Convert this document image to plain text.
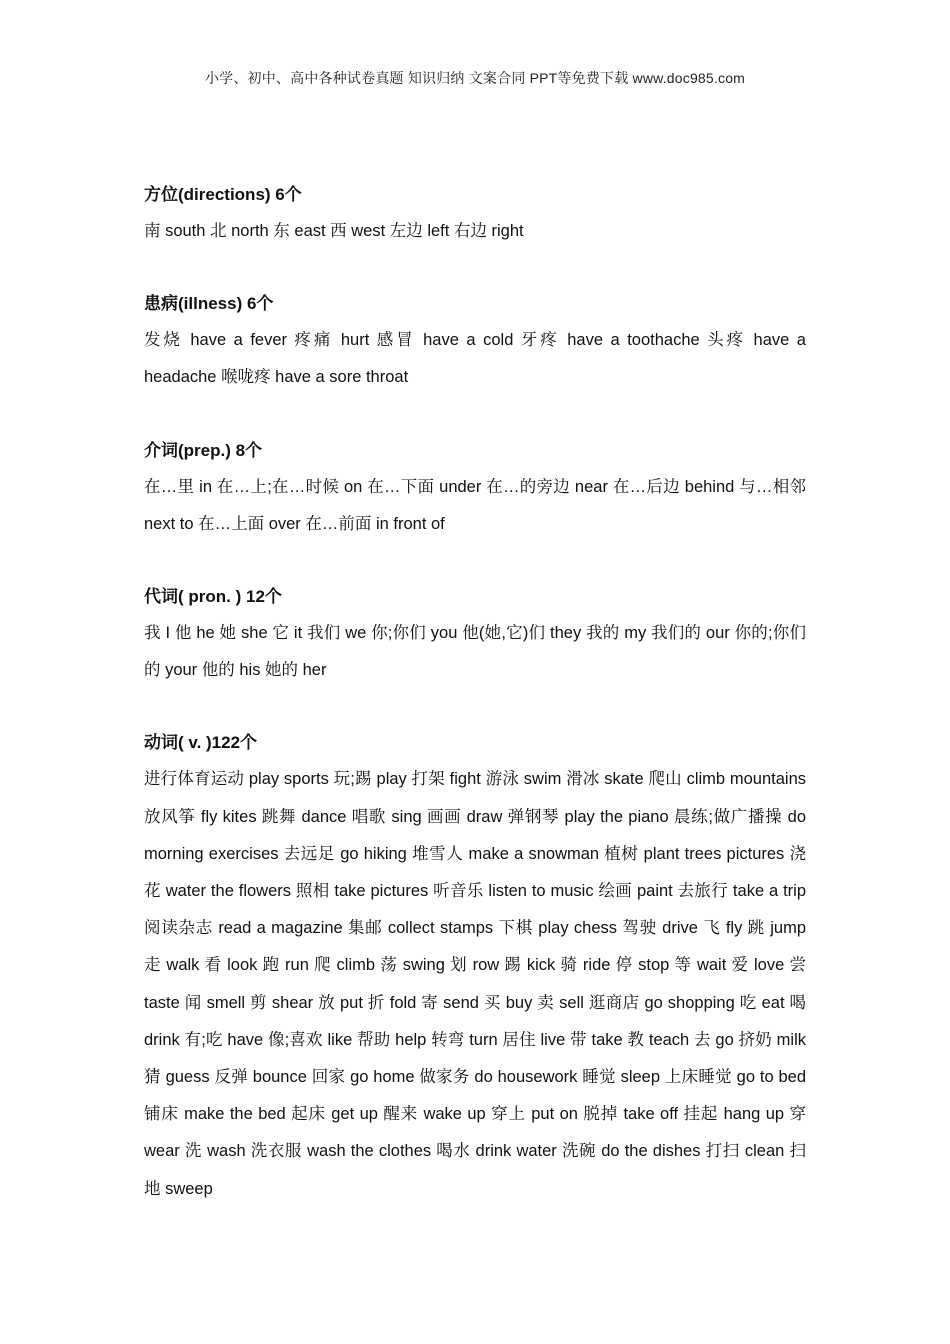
小学、初中、高中各种试卷真题 知识归纳 文案合同 PPT等免费下载 www.doc985.com

方位(directions) 6个

南 south 北 north 东 east 西 west 左边 left 右边 right

患病(illness) 6个

发烧 have a fever 疼痛 hurt 感冒 have a cold 牙疼 have a toothache 头疼 have a headache 喉咙疼 have a sore throat

介词(prep.) 8个

在…里 in 在…上;在…时候 on 在…下面 under 在…的旁边 near 在…后边 behind 与…相邻 next to 在…上面 over 在…前面 in front of

代词( pron. ) 12个

我 I 他 he 她 she 它 it 我们 we 你;你们 you 他(她,它)们 they 我的 my 我们的 our 你的;你们的 your 他的 his 她的 her

动词( v. )122个

进行体育运动 play sports 玩;踢 play 打架 fight 游泳 swim 滑冰 skate 爬山 climb mountains 放风筝 fly kites 跳舞 dance 唱歌 sing 画画 draw 弹钢琴 play the piano 晨练;做广播操 do morning exercises 去远足 go hiking 堆雪人 make a snowman 植树 plant trees pictures 浇花 water the flowers 照相 take pictures 听音乐 listen to music 绘画 paint 去旅行 take a trip 阅读杂志 read a magazine 集邮 collect stamps 下棋 play chess 驾驶 drive 飞 fly 跳 jump 走 walk 看 look 跑 run 爬 climb 荡 swing 划 row 踢 kick 骑 ride 停 stop 等 wait 爱 love 尝 taste 闻 smell 剪 shear 放 put 折 fold 寄 send 买 buy 卖 sell 逛商店 go shopping 吃 eat 喝 drink 有;吃 have 像;喜欢 like 帮助 help 转弯 turn 居住 live 带 take 教 teach 去 go 挤奶 milk 猜 guess 反弹 bounce 回家 go home 做家务 do housework 睡觉 sleep 上床睡觉 go to bed 铺床 make the bed 起床 get up 醒来 wake up 穿上 put on 脱掉 take off 挂起 hang up 穿 wear 洗 wash 洗衣服 wash the clothes 喝水 drink water 洗碗 do the dishes 打扫 clean 扫地 sweep
